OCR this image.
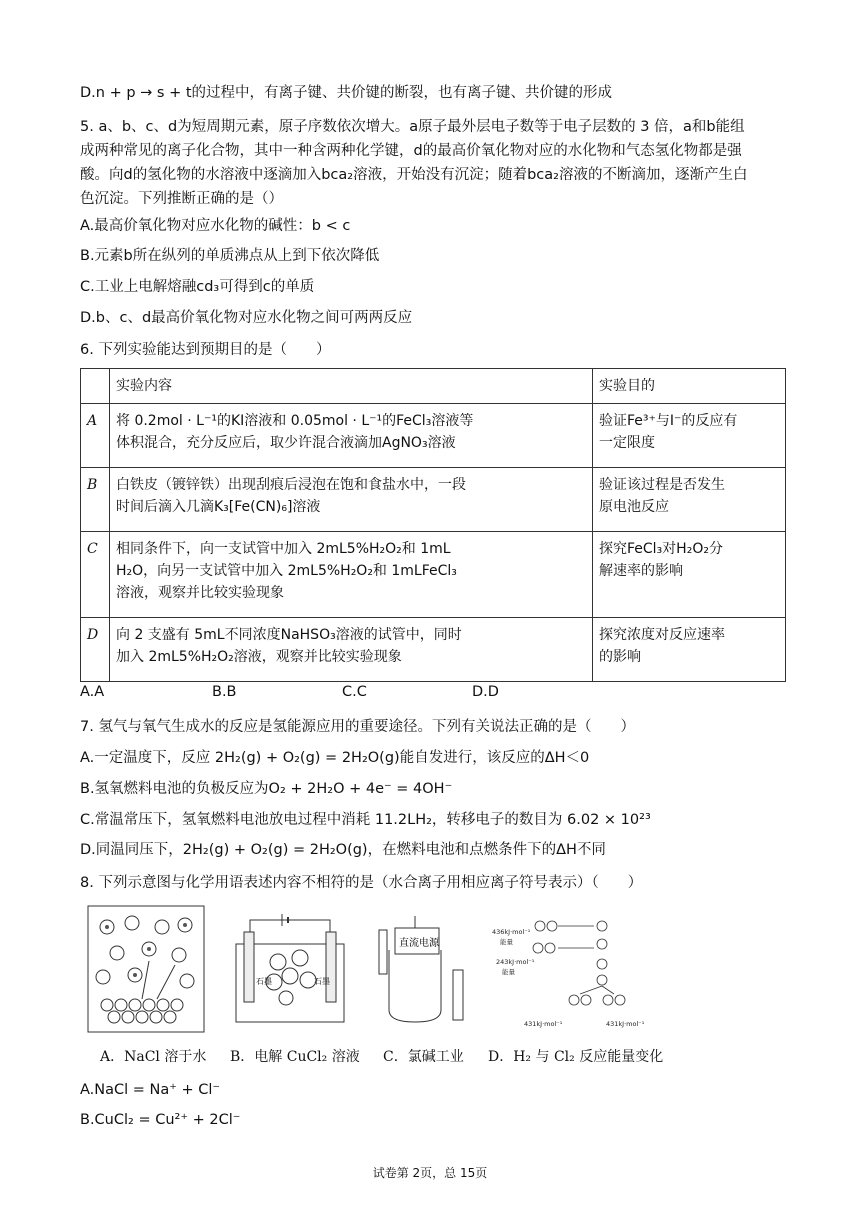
D.n + p → s + t的过程中，有离子键、共价键的断裂，也有离子键、共价键的形成
5. a、b、c、d为短周期元素，原子序数依次增大。a原子最外层电子数等于电子层数的 3 倍，a和b能组
成两种常见的离子化合物，其中一种含两种化学键，d的最高价氧化物对应的水化物和气态氢化物都是强
酸。向d的氢化物的水溶液中逐滴加入bca₂溶液，开始没有沉淀；随着bca₂溶液的不断滴加，逐渐产生白
色沉淀。下列推断正确的是（）
A.最高价氧化物对应水化物的碱性：b < c
B.元素b所在纵列的单质沸点从上到下依次降低
C.工业上电解熔融cd₃可得到c的单质
D.b、c、d最高价氧化物对应水化物之间可两两反应
6. 下列实验能达到预期目的是（　　）
	实验内容	实验目的
A	将 0.2mol · L⁻¹的KI溶液和 0.05mol · L⁻¹的FeCl₃溶液等
体积混合，充分反应后，取少许混合液滴加AgNO₃溶液	验证Fe³⁺与I⁻的反应有
一定限度
B	白铁皮（镀锌铁）出现刮痕后浸泡在饱和食盐水中，一段
时间后滴入几滴K₃[Fe(CN)₆]溶液	验证该过程是否发生
原电池反应
C	相同条件下，向一支试管中加入 2mL5%H₂O₂和 1mL
H₂O，向另一支试管中加入 2mL5%H₂O₂和 1mLFeCl₃
溶液，观察并比较实验现象	探究FeCl₃对H₂O₂分
解速率的影响
D	向 2 支盛有 5mL不同浓度NaHSO₃溶液的试管中，同时
加入 2mL5%H₂O₂溶液，观察并比较实验现象	探究浓度对反应速率
的影响
A.A	B.B	C.C	D.D
7. 氢气与氧气生成水的反应是氢能源应用的重要途径。下列有关说法正确的是（　　）
A.一定温度下，反应 2H₂(g) + O₂(g) = 2H₂O(g)能自发进行，该反应的ΔH＜0
B.氢氧燃料电池的负极反应为O₂ + 2H₂O + 4e⁻ = 4OH⁻
C.常温常压下，氢氧燃料电池放电过程中消耗 11.2LH₂，转移电子的数目为 6.02 × 10²³
D.同温同压下，2H₂(g) + O₂(g) = 2H₂O(g)，在燃料电池和点燃条件下的ΔH不同
8. 下列示意图与化学用语表述内容不相符的是（水合离子用相应离子符号表示）（　　）
石墨	石墨
直流电源
436kJ·mol⁻¹
能量
243kJ·mol⁻¹
能量
431kJ·mol⁻¹	431kJ·mol⁻¹
A．NaCl 溶于水 B．电解 CuCl₂ 溶液 C．氯碱工业 D．H₂ 与 Cl₂ 反应能量变化
A.NaCl = Na⁺ + Cl⁻
B.CuCl₂ = Cu²⁺ + 2Cl⁻
试卷第 2页，总 15页
